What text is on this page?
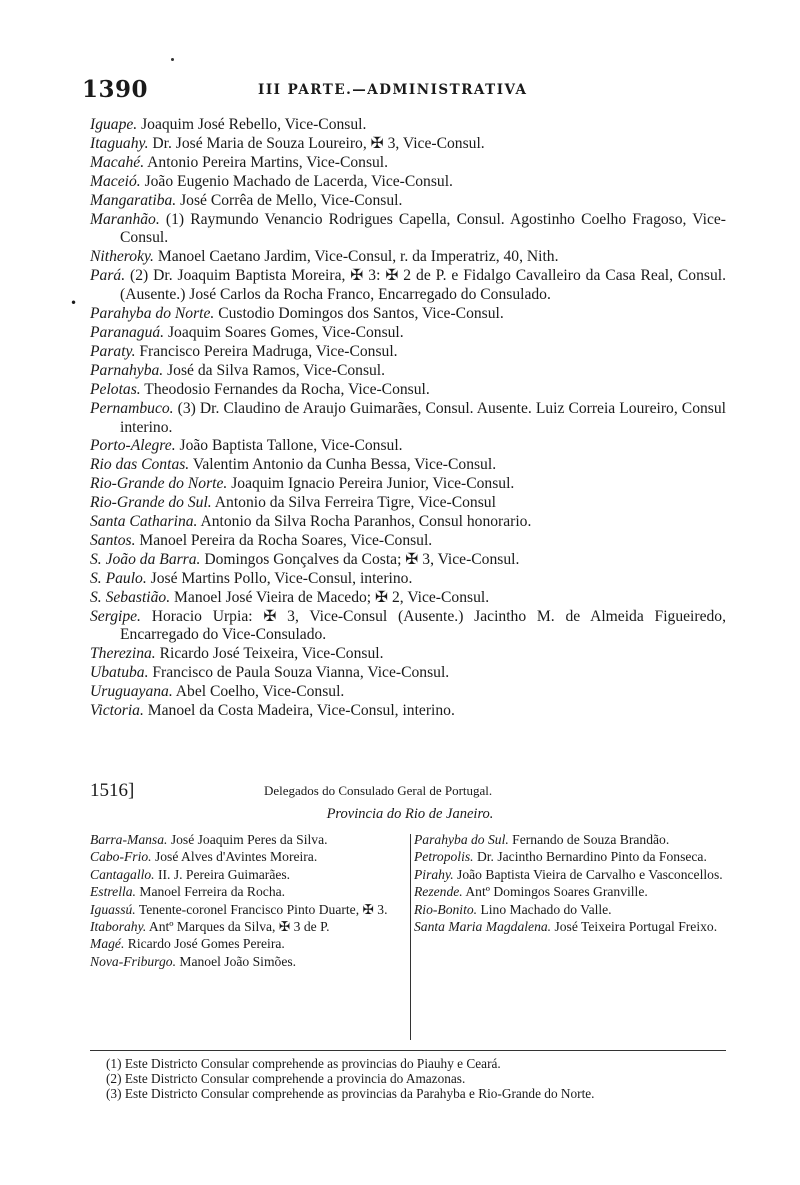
•
1390	III PARTE.—ADMINISTRATIVA
Iguape. Joaquim José Rebello, Vice-Consul.
Itaguahy. Dr. José Maria de Souza Loureiro, ✠ 3, Vice-Consul.
Macahé. Antonio Pereira Martins, Vice-Consul.
Maceió. João Eugenio Machado de Lacerda, Vice-Consul.
Mangaratiba. José Corrêa de Mello, Vice-Consul.
Maranhão. (1) Raymundo Venancio Rodrigues Capella, Consul. Agostinho Coelho Fragoso, Vice-Consul.
Nitheroky. Manoel Caetano Jardim, Vice-Consul, r. da Imperatriz, 40, Nith.
Pará. (2) Dr. Joaquim Baptista Moreira, ✠ 3: ✠ 2 de P. e Fidalgo Cavalleiro da Casa Real, Consul. (Ausente.) José Carlos da Rocha Franco, Encarregado do Consulado.
Parahyba do Norte. Custodio Domingos dos Santos, Vice-Consul.
Paranaguá. Joaquim Soares Gomes, Vice-Consul.
Paraty. Francisco Pereira Madruga, Vice-Consul.
Parnahyba. José da Silva Ramos, Vice-Consul.
Pelotas. Theodosio Fernandes da Rocha, Vice-Consul.
Pernambuco. (3) Dr. Claudino de Araujo Guimarães, Consul. Ausente. Luiz Correia Loureiro, Consul interino.
Porto-Alegre. João Baptista Tallone, Vice-Consul.
Rio das Contas. Valentim Antonio da Cunha Bessa, Vice-Consul.
Rio-Grande do Norte. Joaquim Ignacio Pereira Junior, Vice-Consul.
Rio-Grande do Sul. Antonio da Silva Ferreira Tigre, Vice-Consul
Santa Catharina. Antonio da Silva Rocha Paranhos, Consul honorario.
Santos. Manoel Pereira da Rocha Soares, Vice-Consul.
S. João da Barra. Domingos Gonçalves da Costa; ✠ 3, Vice-Consul.
S. Paulo. José Martins Pollo, Vice-Consul, interino.
S. Sebastião. Manoel José Vieira de Macedo; ✠ 2, Vice-Consul.
Sergipe. Horacio Urpia: ✠ 3, Vice-Consul (Ausente.) Jacintho M. de Almeida Figueiredo, Encarregado do Vice-Consulado.
Therezina. Ricardo José Teixeira, Vice-Consul.
Ubatuba. Francisco de Paula Souza Vianna, Vice-Consul.
Uruguayana. Abel Coelho, Vice-Consul.
Victoria. Manoel da Costa Madeira, Vice-Consul, interino.
1516]	Delegados do Consulado Geral de Portugal.
Provincia do Rio de Janeiro.
Barra-Mansa. José Joaquim Peres da Silva.
Cabo-Frio. José Alves d'Avintes Moreira.
Cantagallo. II. J. Pereira Guimarães.
Estrella. Manoel Ferreira da Rocha.
Iguassú. Tenente-coronel Francisco Pinto Duarte, ✠ 3.
Itaborahy. Antº Marques da Silva, ✠ 3 de P.
Magé. Ricardo José Gomes Pereira.
Nova-Friburgo. Manoel João Simões.
Parahyba do Sul. Fernando de Souza Brandão.
Petropolis. Dr. Jacintho Bernardino Pinto da Fonseca.
Pirahy. João Baptista Vieira de Carvalho e Vasconcellos.
Rezende. Antº Domingos Soares Granville.
Rio-Bonito. Lino Machado do Valle.
Santa Maria Magdalena. José Teixeira Portugal Freixo.
(1) Este Districto Consular comprehende as provincias do Piauhy e Ceará.
(2) Este Districto Consular comprehende a provincia do Amazonas.
(3) Este Districto Consular comprehende as provincias da Parahyba e Rio-Grande do Norte.
